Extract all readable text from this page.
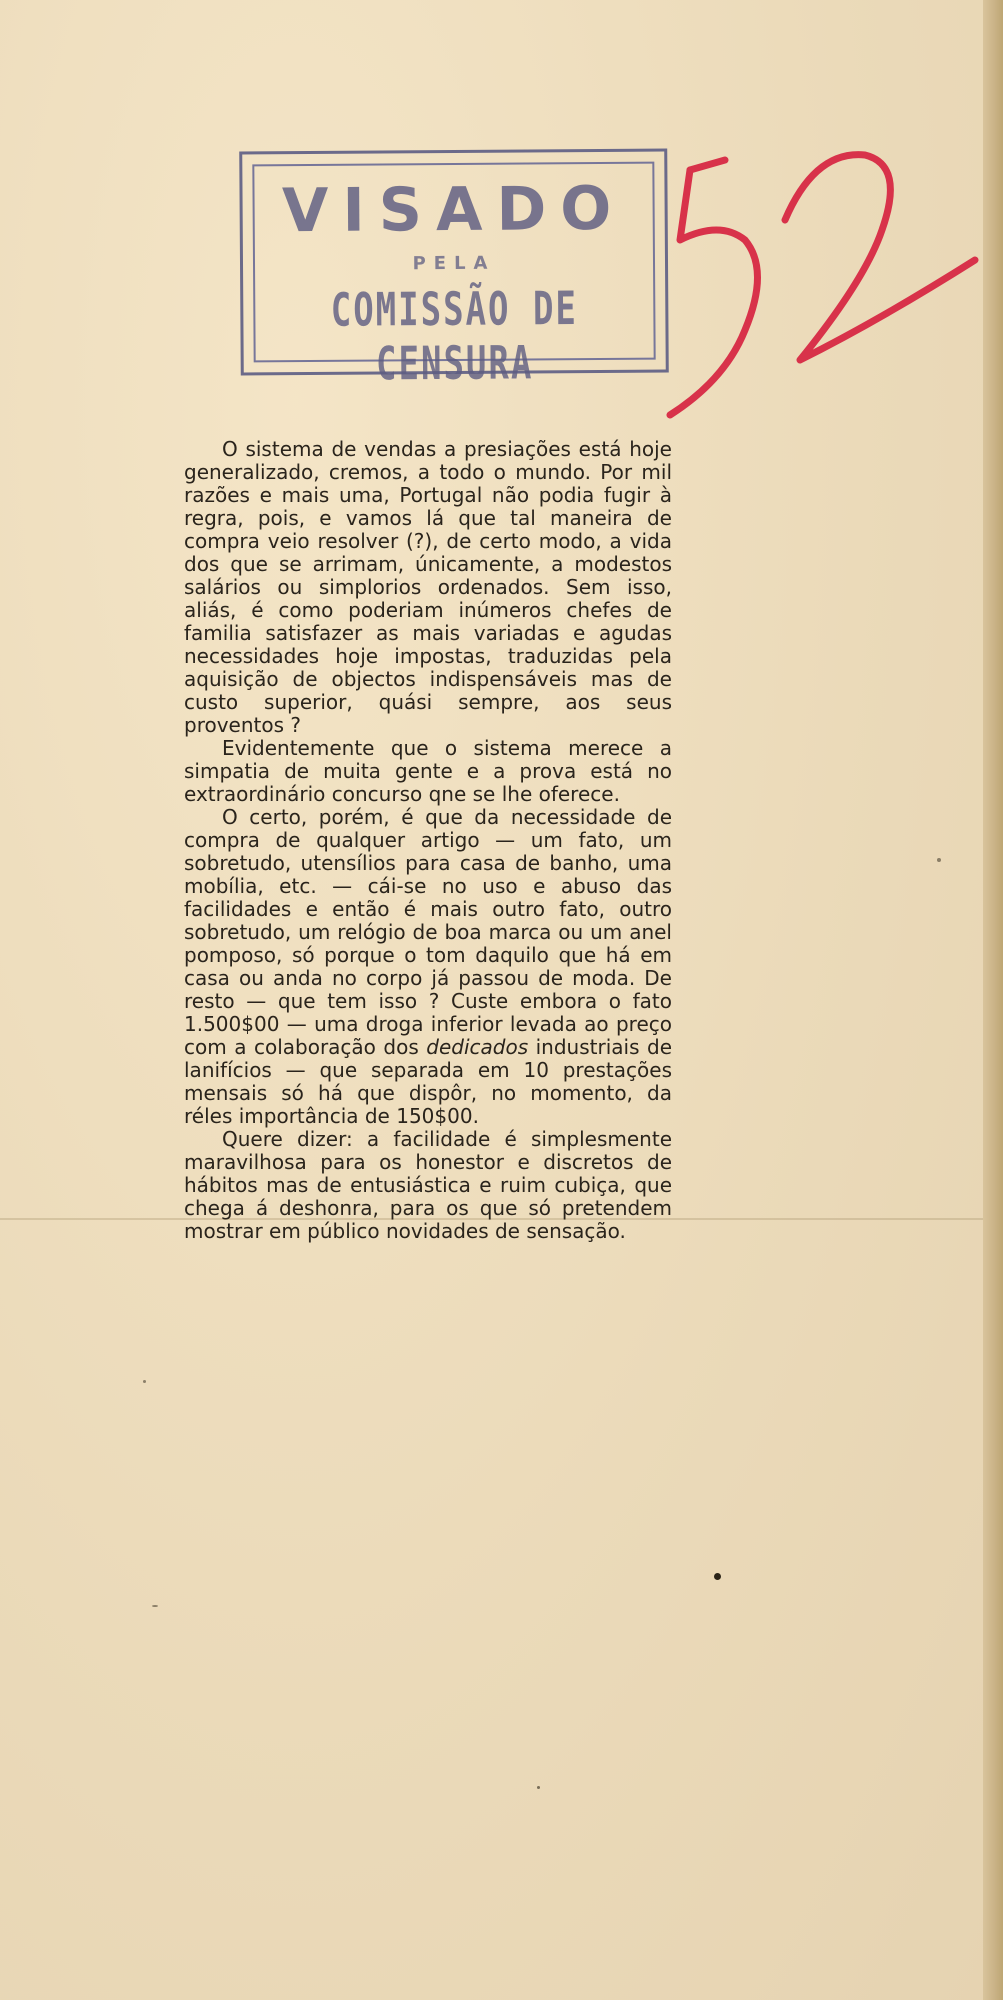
VISADO
PELA
COMISSÃO DE CENSURA

O sistema de vendas a presiações está hoje generalizado, cremos, a todo o mundo. Por mil razões e mais uma, Portugal não podia fugir à regra, pois, e vamos lá que tal maneira de compra veio resolver (?), de certo modo, a vida dos que se arrimam, únicamente, a modestos salários ou simplorios ordenados. Sem isso, aliás, é como poderiam inúmeros chefes de familia satisfazer as mais variadas e agudas necessidades hoje impostas, traduzidas pela aquisição de objectos indispensáveis mas de custo superior, quási sempre, aos seus proventos ?

Evidentemente que o sistema merece a simpatia de muita gente e a prova está no extraordinário concurso qne se lhe oferece.

O certo, porém, é que da necessidade de compra de qualquer artigo — um fato, um sobretudo, utensílios para casa de banho, uma mobília, etc. — cái-se no uso e abuso das facilidades e então é mais outro fato, outro sobretudo, um relógio de boa marca ou um anel pomposo, só porque o tom daquilo que há em casa ou anda no corpo já passou de moda. De resto — que tem isso ? Custe embora o fato 1.500$00 — uma droga inferior levada ao preço com a colaboração dos dedicados industriais de lanifícios — que separada em 10 prestações mensais só há que dispôr, no momento, da réles importância de 150$00.

Quere dizer: a facilidade é simplesmente maravilhosa para os honestor e discretos de hábitos mas de entusiástica e ruim cubiça, que chega á deshonra, para os que só pretendem mostrar em público novidades de sensação.
